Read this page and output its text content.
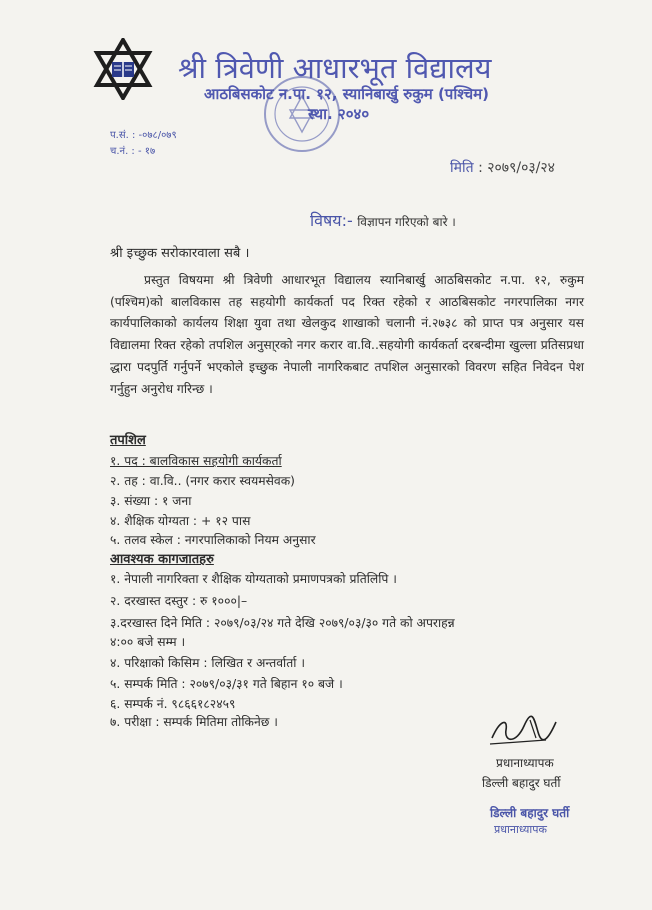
श्री त्रिवेणी आधारभूत विद्यालय
आठबिसकोट न.पा. १२, स्यानिबार्खु रुकुम (पश्चिम)
स्था. २०४०
प.सं. : -०७८/०७९
च.नं. : - १७
मिति : २०७९/०३/२४
विषय:- विज्ञापन गरिएको बारे ।
श्री इच्छुक सरोकारवाला सबै ।
प्रस्तुत विषयमा श्री त्रिवेणी आधारभूत विद्यालय स्यानिबार्खु आठबिसकोट न.पा. १२, रुकुम (पश्चिम)को बालविकास तह सहयोगी कार्यकर्ता पद रिक्त रहेको र आठबिसकोट नगरपालिका नगर कार्यपालिकाको कार्यलय शिक्षा युवा तथा खेलकुद शाखाको चलानी नं.२७३८ को प्राप्त पत्र अनुसार यस विद्यालमा रिक्त रहेको तपशिल अनुसा्रको नगर करार वा.वि..सहयोगी कार्यकर्ता दरबन्दीमा खुल्ला प्रतिसप्रधा द्धारा पदपुर्ति गर्नुपर्ने भएकोले इच्छुक नेपाली नागरिकबाट तपशिल अनुसारको विवरण सहित निवेदन पेश गर्नुहुन अनुरोध गरिन्छ ।
तपशिल
१. पद : बालविकास सहयोगी कार्यकर्ता
२. तह : वा.वि.. (नगर करार स्वयमसेवक)
३. संख्या : १ जना
४. शैक्षिक योग्यता : + १२ पास
५. तलव स्केल : नगरपालिकाको नियम अनुसार
आवश्यक कागजातहरु
१. नेपाली नागरिक्ता र शैक्षिक योग्यताको प्रमाणपत्रको प्रतिलिपि ।
२. दरखास्त दस्तुर : रु १०००|–
३.दरखास्त दिने मिति : २०७९/०३/२४ गते देखि २०७९/०३/३० गते को अपराहन्न
४:०० बजे सम्म ।
४. परिक्षाको किसिम : लिखित र अन्तर्वार्ता ।
५. सम्पर्क मिति : २०७९/०३/३१ गते बिहान १० बजे ।
६. सम्पर्क नं. ९८६६१८२४५९
७. परीक्षा : सम्पर्क मितिमा तोकिनेछ ।
प्रधानाध्यापक
डिल्ली बहादुर घर्ती
डिल्ली बहादुर घर्ती
प्रधानाध्यापक
